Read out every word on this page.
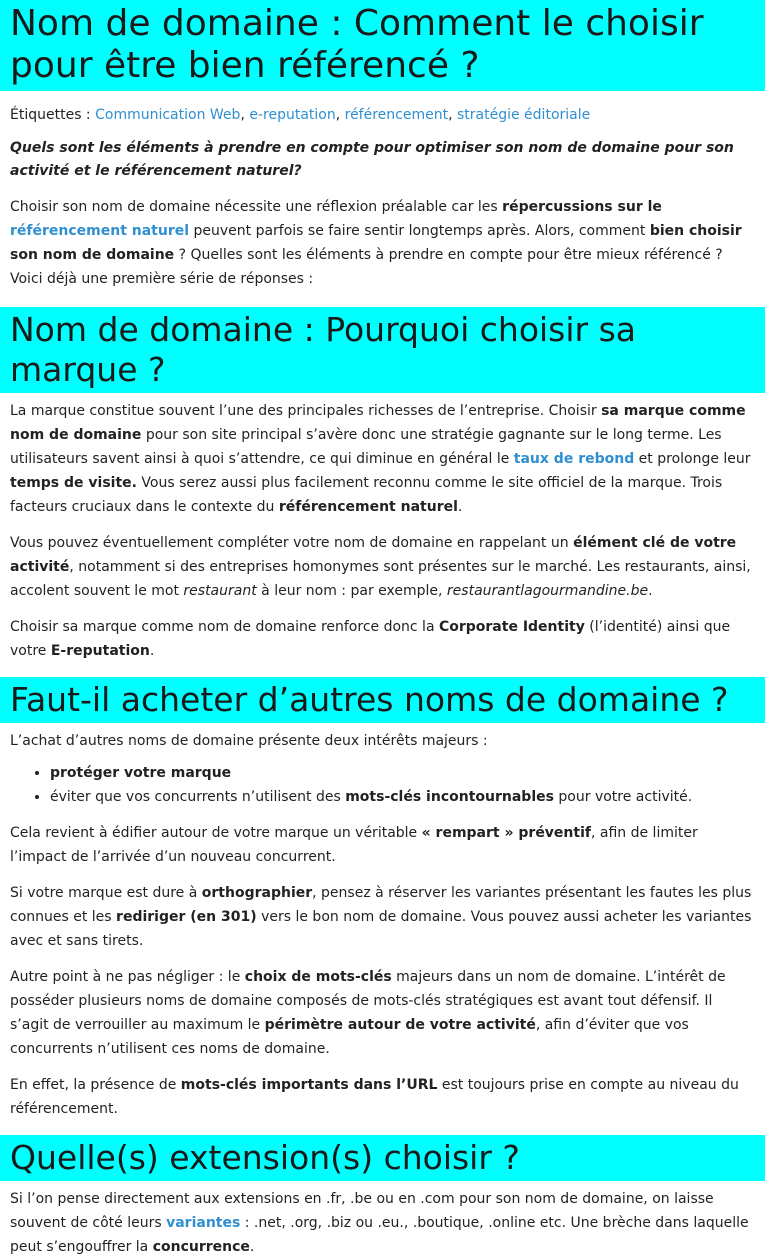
Nom de domaine : Comment le choisir pour être bien référencé ?

Étiquettes : Communication Web, e-reputation, référencement, stratégie éditoriale

Quels sont les éléments à prendre en compte pour optimiser son nom de domaine pour son activité et le référencement naturel?

Choisir son nom de domaine nécessite une réflexion préalable car les répercussions sur le référencement naturel peuvent parfois se faire sentir longtemps après. Alors, comment bien choisir son nom de domaine ? Quelles sont les éléments à prendre en compte pour être mieux référencé ? Voici déjà une première série de réponses :

Nom de domaine : Pourquoi choisir sa marque ?

La marque constitue souvent l’une des principales richesses de l’entreprise. Choisir sa marque comme nom de domaine pour son site principal s’avère donc une stratégie gagnante sur le long terme. Les utilisateurs savent ainsi à quoi s’attendre, ce qui diminue en général le taux de rebond et prolonge leur temps de visite. Vous serez aussi plus facilement reconnu comme le site officiel de la marque. Trois facteurs cruciaux dans le contexte du référencement naturel.

Vous pouvez éventuellement compléter votre nom de domaine en rappelant un élément clé de votre activité, notamment si des entreprises homonymes sont présentes sur le marché. Les restaurants, ainsi, accolent souvent le mot restaurant à leur nom : par exemple, restaurantlagourmandine.be.

Choisir sa marque comme nom de domaine renforce donc la Corporate Identity (l’identité) ainsi que votre E-reputation.

Faut-il acheter d’autres noms de domaine ?

L’achat d’autres noms de domaine présente deux intérêts majeurs :

• protéger votre marque
• éviter que vos concurrents n’utilisent des mots-clés incontournables pour votre activité.

Cela revient à édifier autour de votre marque un véritable « rempart » préventif, afin de limiter l’impact de l’arrivée d’un nouveau concurrent.

Si votre marque est dure à orthographier, pensez à réserver les variantes présentant les fautes les plus connues et les rediriger (en 301) vers le bon nom de domaine. Vous pouvez aussi acheter les variantes avec et sans tirets.

Autre point à ne pas négliger : le choix de mots-clés majeurs dans un nom de domaine. L’intérêt de posséder plusieurs noms de domaine composés de mots-clés stratégiques est avant tout défensif. Il s’agit de verrouiller au maximum le périmètre autour de votre activité, afin d’éviter que vos concurrents n’utilisent ces noms de domaine.

En effet, la présence de mots-clés importants dans l’URL est toujours prise en compte au niveau du référencement.

Quelle(s) extension(s) choisir ?

Si l’on pense directement aux extensions en .fr, .be ou en .com pour son nom de domaine, on laisse souvent de côté leurs variantes : .net, .org, .biz ou .eu., .boutique, .online etc. Une brèche dans laquelle peut s’engouffrer la concurrence.
